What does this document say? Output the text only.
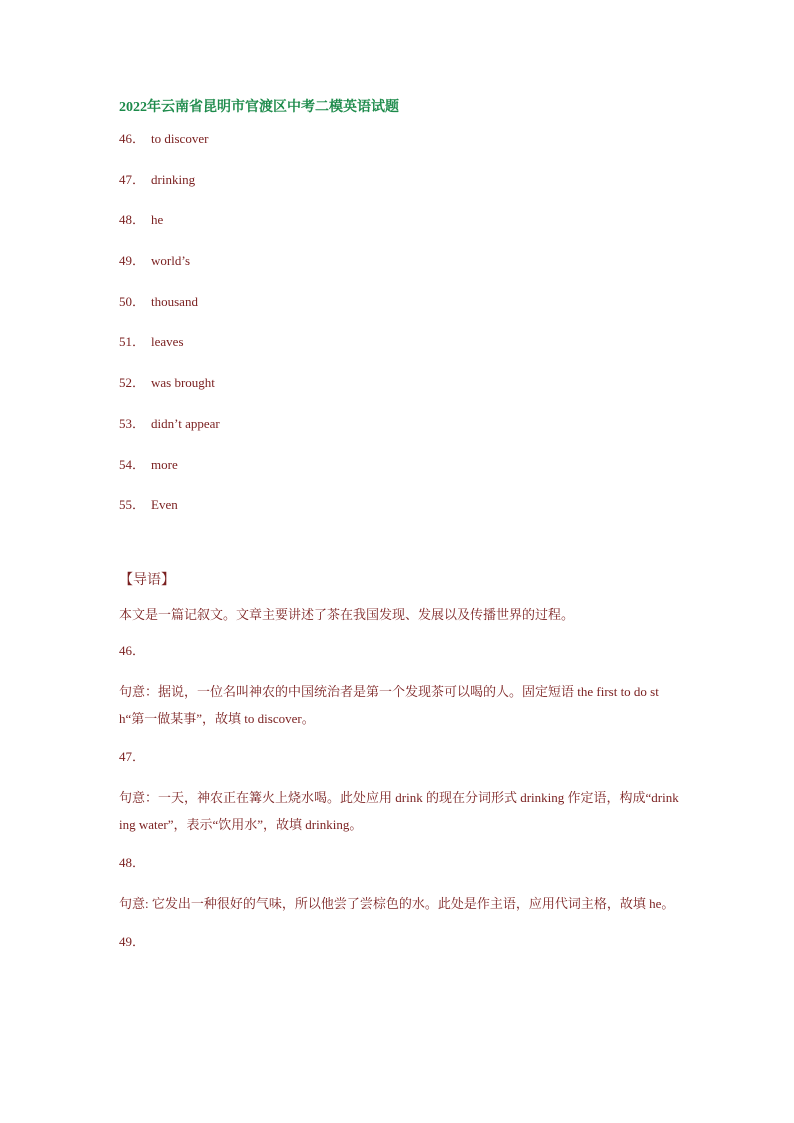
2022年云南省昆明市官渡区中考二模英语试题
46． to discover
47． drinking
48． he
49． world’s
50． thousand
51． leaves
52． was brought
53． didn’t appear
54． more
55． Even

【导语】

本文是一篇记叙文。文章主要讲述了茶在我国发现、发展以及传播世界的过程。

46．

句意：据说，一位名叫神农的中国统治者是第一个发现茶可以喝的人。固定短语 the first to do sth“第一做某事”，故填 to discover。

47．

句意：一天，神农正在篝火上烧水喝。此处应用 drink 的现在分词形式 drinking 作定语，构成“drinking water”，表示“饮用水”，故填 drinking。

48．

句意: 它发出一种很好的气味，所以他尝了尝棕色的水。此处是作主语，应用代词主格，故填 he。

49．
